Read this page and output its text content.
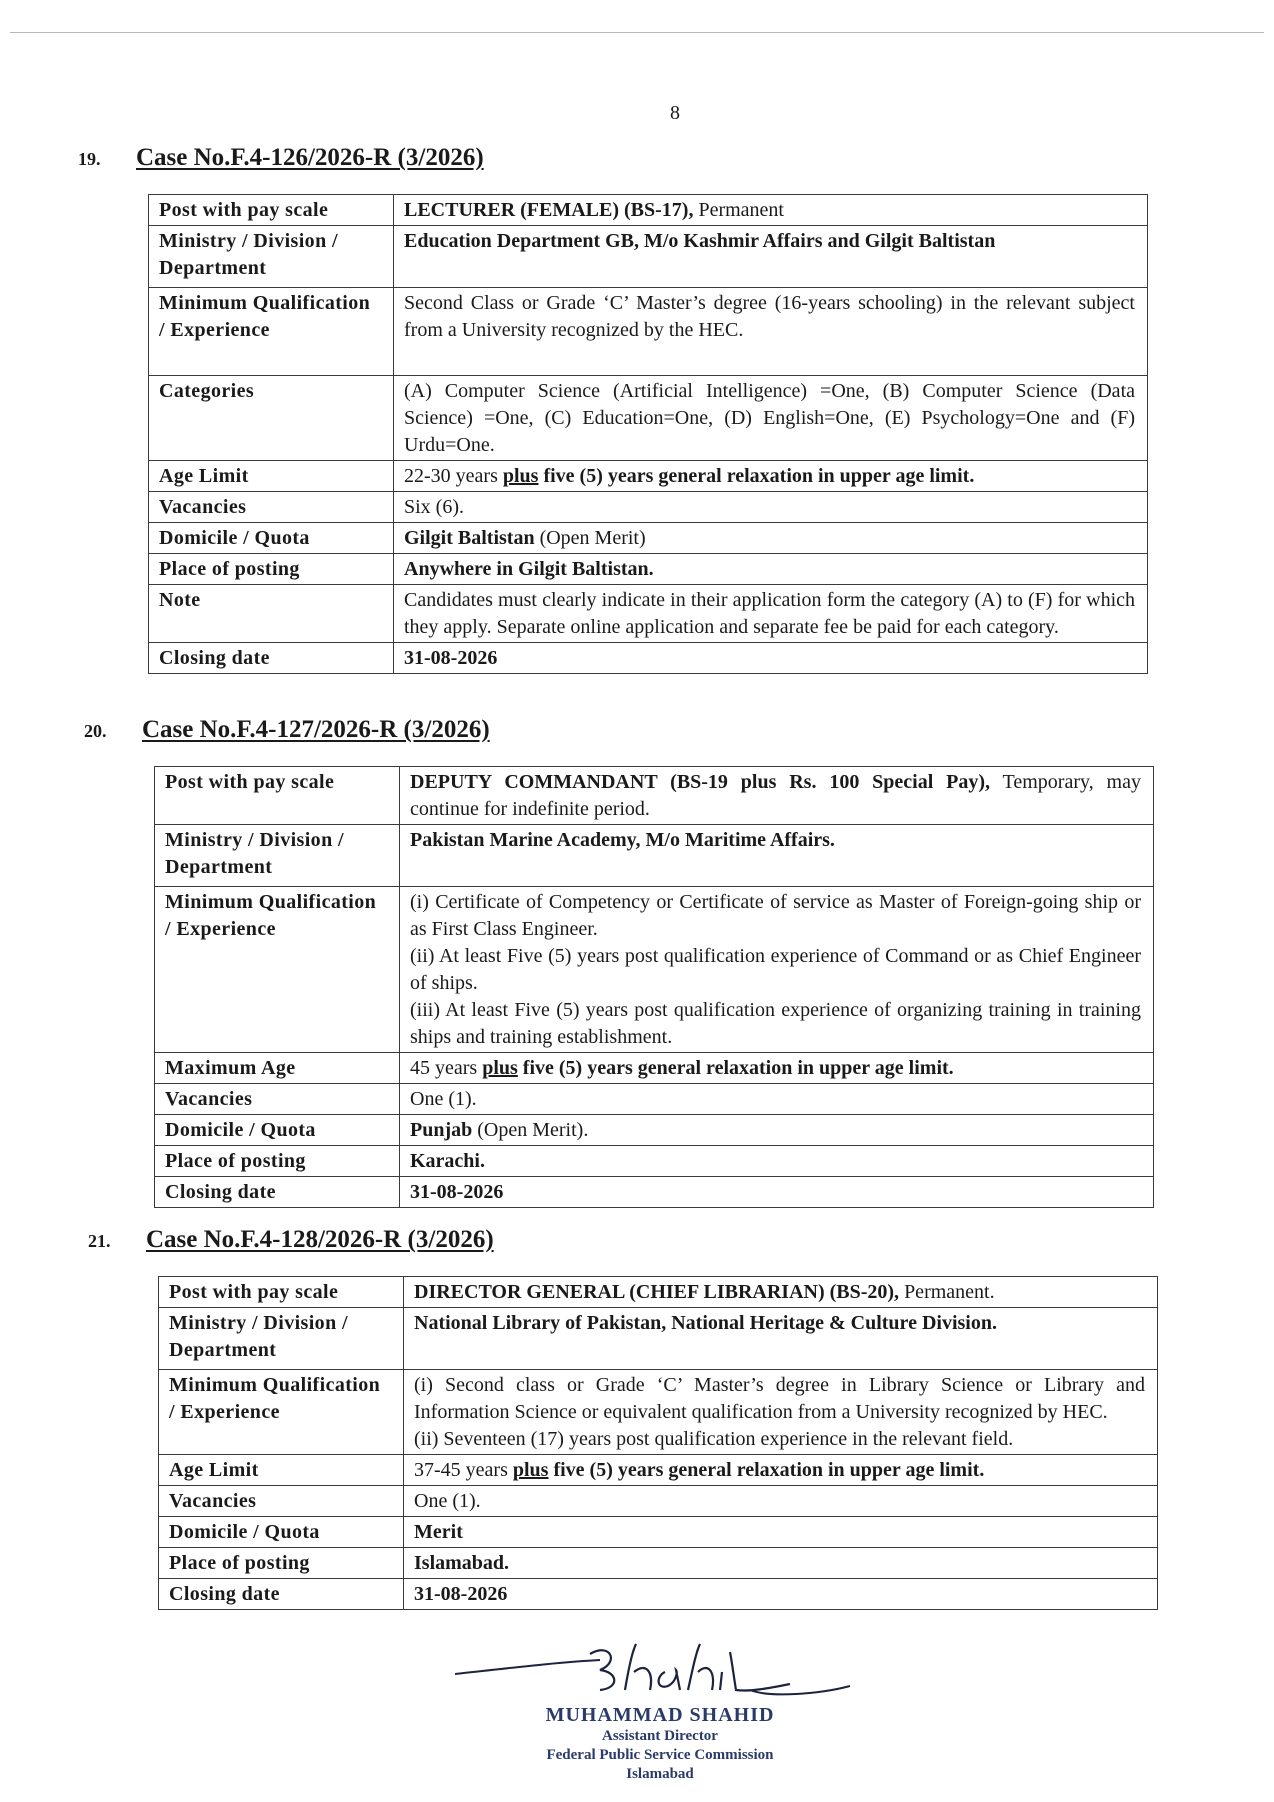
8
19.	Case No.F.4-126/2026-R (3/2026)
Post with pay scale	LECTURER (FEMALE) (BS-17), Permanent
Ministry / Division / Department	Education Department GB, M/o Kashmir Affairs and Gilgit Baltistan
Minimum Qualification / Experience	Second Class or Grade ‘C’ Master’s degree (16-years schooling) in the relevant subject from a University recognized by the HEC.
Categories	(A) Computer Science (Artificial Intelligence) =One, (B) Computer Science (Data Science) =One, (C) Education=One, (D) English=One, (E) Psychology=One and (F) Urdu=One.
Age Limit	22-30 years plus five (5) years general relaxation in upper age limit.
Vacancies	Six (6).
Domicile / Quota	Gilgit Baltistan (Open Merit)
Place of posting	Anywhere in Gilgit Baltistan.
Note	Candidates must clearly indicate in their application form the category (A) to (F) for which they apply. Separate online application and separate fee be paid for each category.
Closing date	31-08-2026
20.	Case No.F.4-127/2026-R (3/2026)
Post with pay scale	DEPUTY COMMANDANT (BS-19 plus Rs. 100 Special Pay), Temporary, may continue for indefinite period.
Ministry / Division / Department	Pakistan Marine Academy, M/o Maritime Affairs.
Minimum Qualification / Experience	(i) Certificate of Competency or Certificate of service as Master of Foreign-going ship or as First Class Engineer.
(ii) At least Five (5) years post qualification experience of Command or as Chief Engineer of ships.
(iii) At least Five (5) years post qualification experience of organizing training in training ships and training establishment.

Maximum Age	45 years plus five (5) years general relaxation in upper age limit.
Vacancies	One (1).
Domicile / Quota	Punjab (Open Merit).
Place of posting	Karachi.
Closing date	31-08-2026
21.	Case No.F.4-128/2026-R (3/2026)
Post with pay scale	DIRECTOR GENERAL (CHIEF LIBRARIAN) (BS-20), Permanent.
Ministry / Division / Department	National Library of Pakistan, National Heritage & Culture Division.
Minimum Qualification / Experience	(i) Second class or Grade ‘C’ Master’s degree in Library Science or Library and Information Science or equivalent qualification from a University recognized by HEC.
(ii) Seventeen (17) years post qualification experience in the relevant field.

Age Limit	37-45 years plus five (5) years general relaxation in upper age limit.
Vacancies	One (1).
Domicile / Quota	Merit
Place of posting	Islamabad.
Closing date	31-08-2026
MUHAMMAD SHAHID
Assistant Director
Federal Public Service Commission
Islamabad
